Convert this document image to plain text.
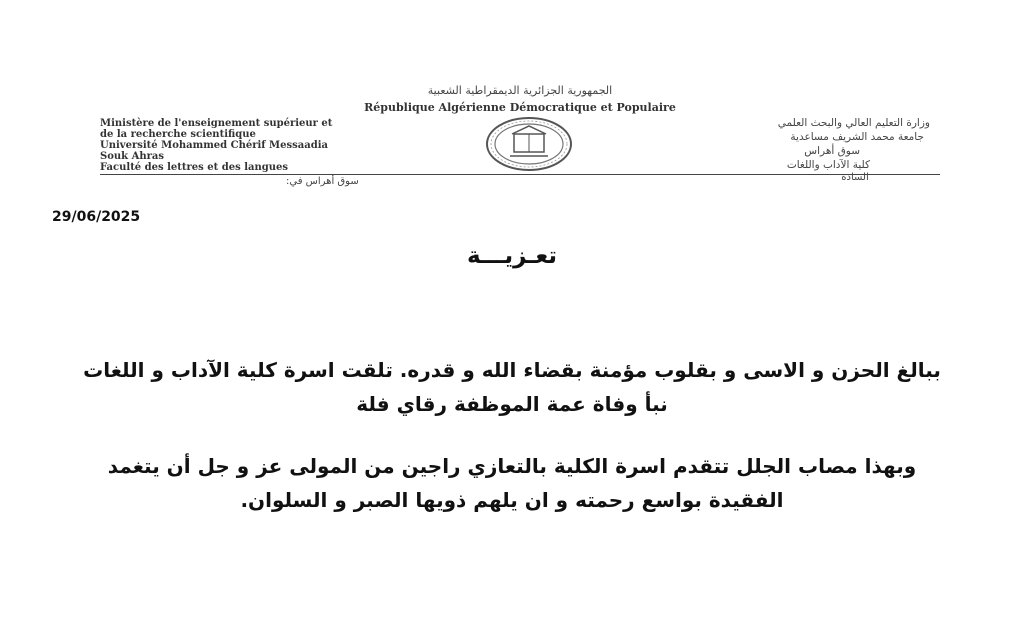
الجمهورية الجزائرية الديمقراطية الشعبية
République Algérienne Démocratique et Populaire
Ministère de l'enseignement supérieur et
de la recherche scientifique
Université Mohammed Chérif Messaadia
Souk Ahras
Faculté des lettres et des langues
وزارة التعليم العالي والبحث العلمي
جامعة محمد الشريف مساعدية
سوق أهراس
كلية الآداب واللغات
سوق أهراس في:	السادة
29/06/2025
تعـزيـــة
ببالغ الحزن و الاسى و بقلوب مؤمنة بقضاء الله و قدره. تلقت اسرة كلية الآداب و اللغات
نبأ وفاة عمة الموظفة رقاي فلة
وبهذا مصاب الجلل تتقدم اسرة الكلية بالتعازي راجين من المولى عز و جل أن يتغمد
الفقيدة بواسع رحمته و ان يلهم ذويها الصبر و السلوان.
